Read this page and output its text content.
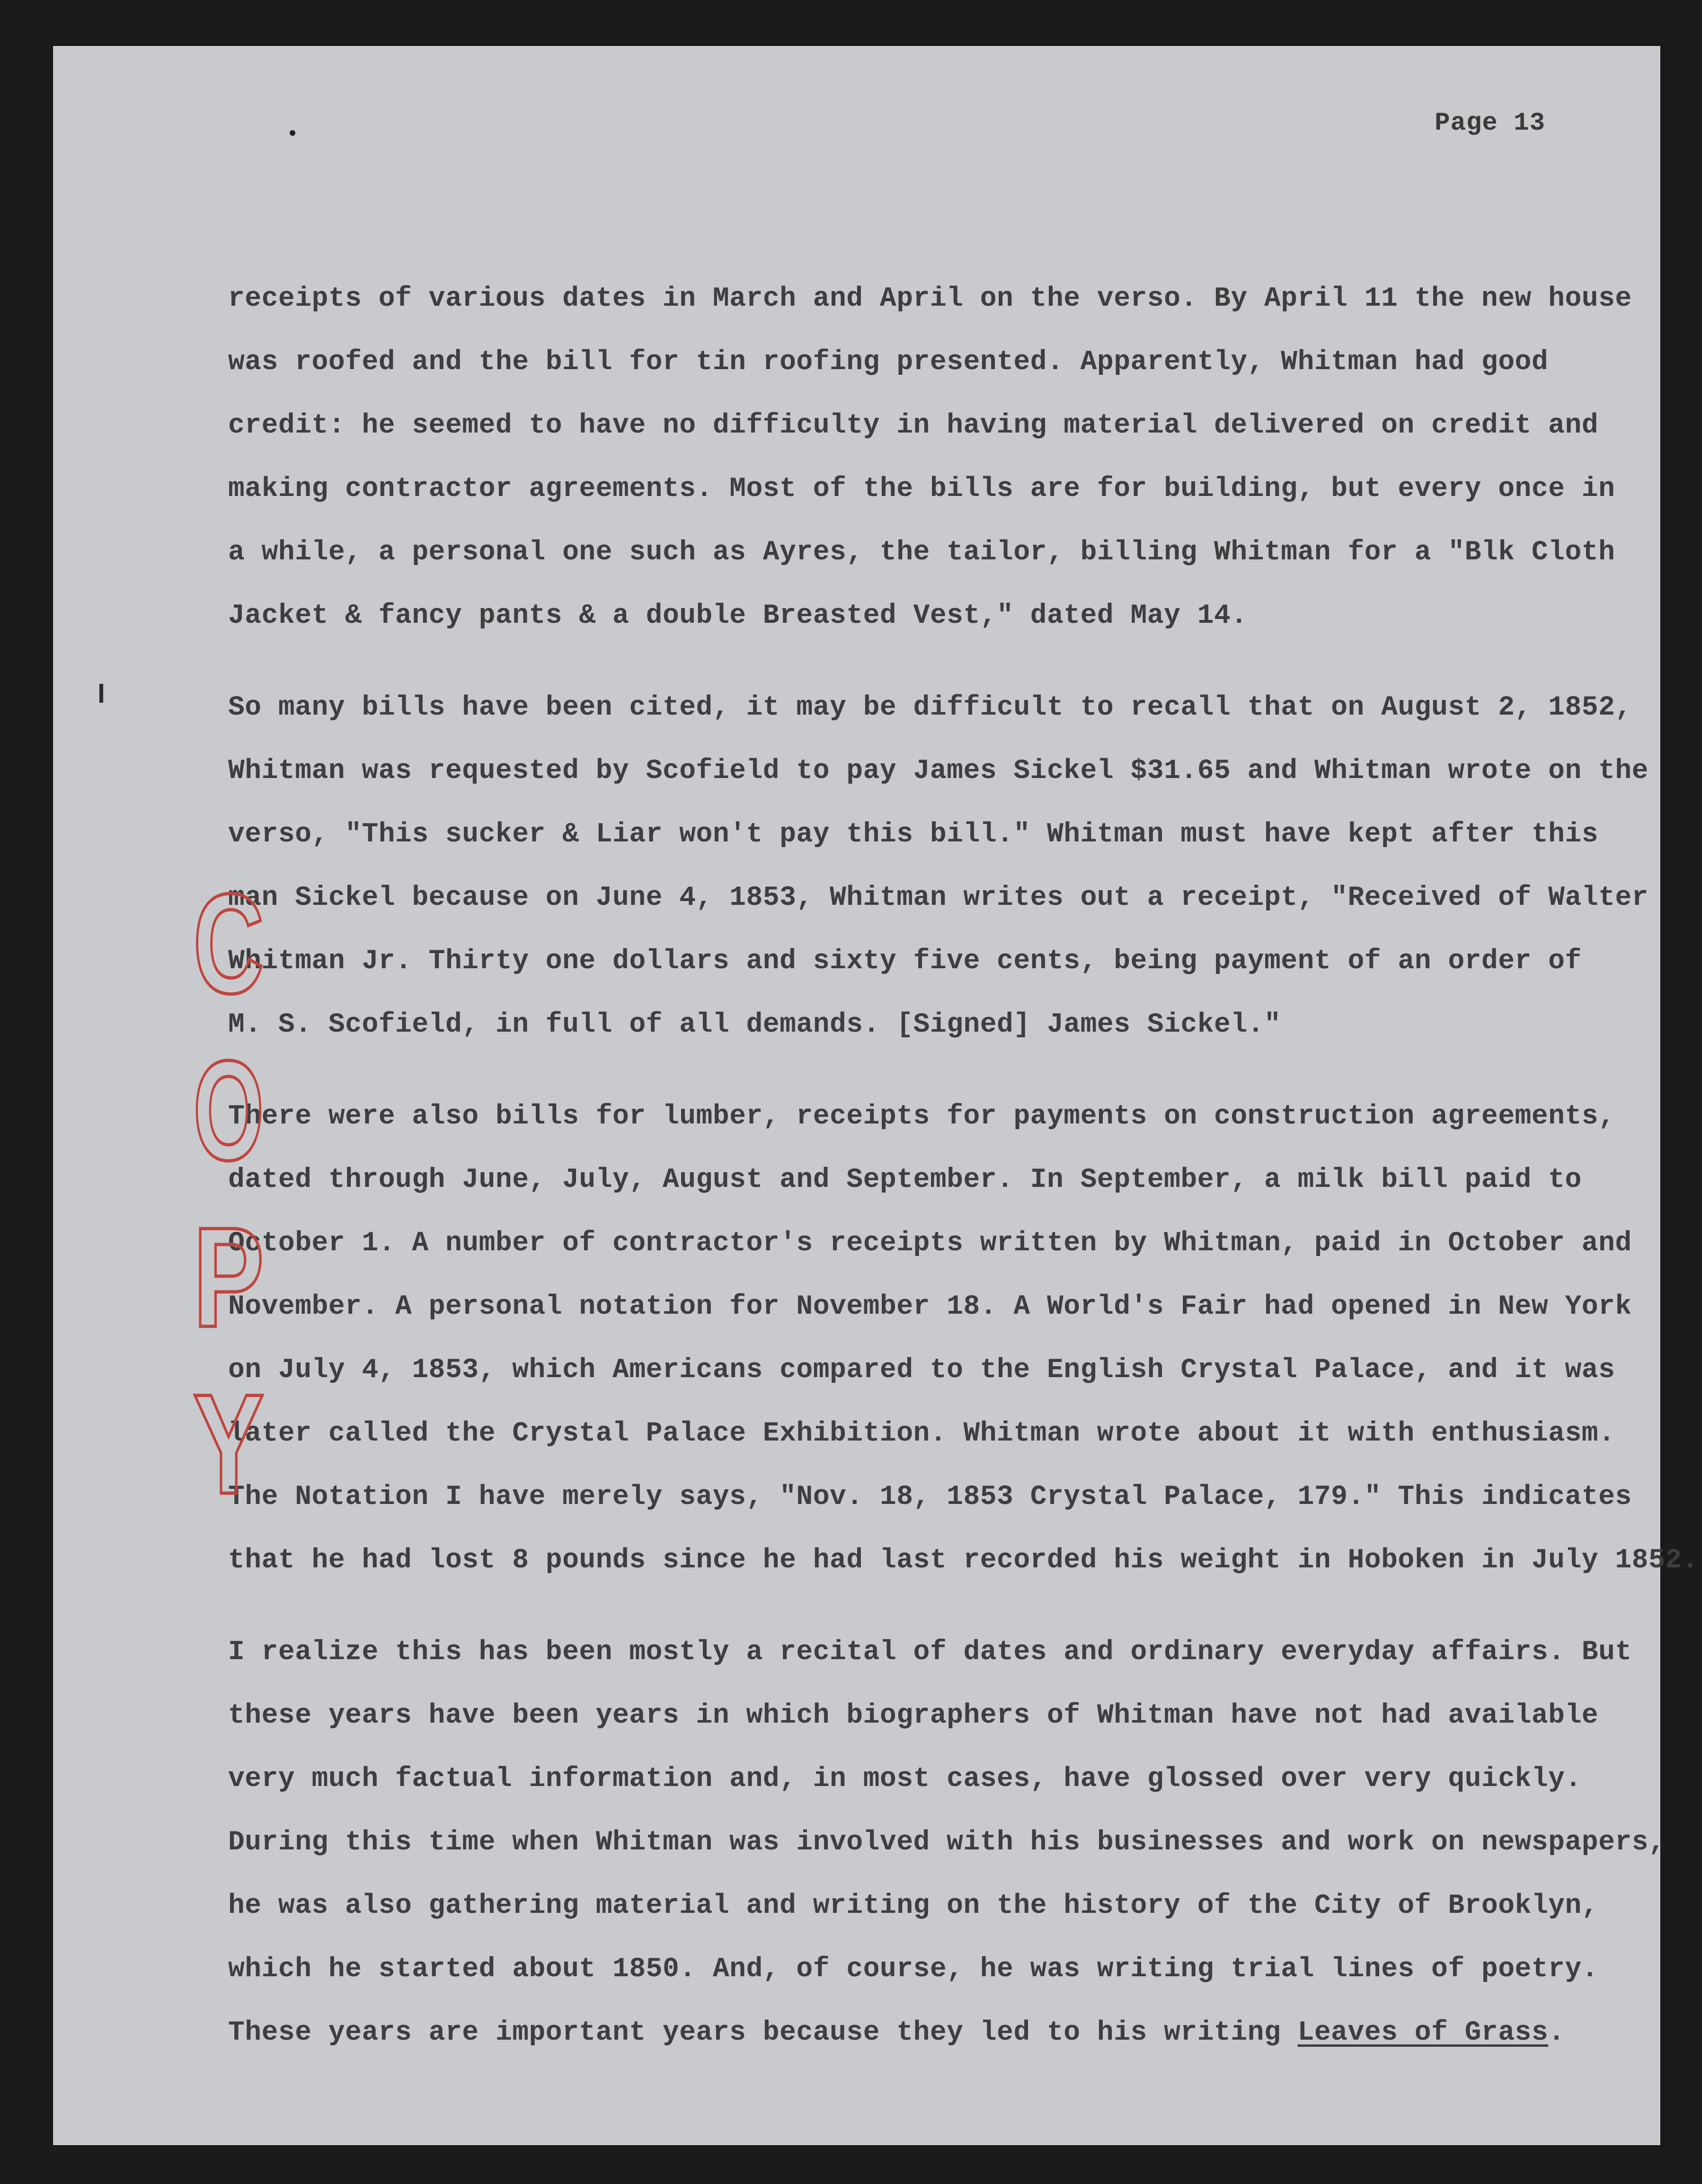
Page 13
receipts of various dates in March and April on the verso. By April 11 the new house
was roofed and the bill for tin roofing presented. Apparently, Whitman had good
credit: he seemed to have no difficulty in having material delivered on credit and
making contractor agreements. Most of the bills are for building, but every once in
a while, a personal one such as Ayres, the tailor, billing Whitman for a "Blk Cloth
Jacket & fancy pants & a double Breasted Vest," dated May 14.
So many bills have been cited, it may be difficult to recall that on August 2, 1852,
Whitman was requested by Scofield to pay James Sickel $31.65 and Whitman wrote on the
verso, "This sucker & Liar won't pay this bill." Whitman must have kept after this
man Sickel because on June 4, 1853, Whitman writes out a receipt, "Received of Walter
Whitman Jr. Thirty one dollars and sixty five cents, being payment of an order of
M. S. Scofield, in full of all demands. [Signed] James Sickel."
There were also bills for lumber, receipts for payments on construction agreements,
dated through June, July, August and September. In September, a milk bill paid to
October 1. A number of contractor's receipts written by Whitman, paid in October and
November. A personal notation for November 18. A World's Fair had opened in New York
on July 4, 1853, which Americans compared to the English Crystal Palace, and it was
later called the Crystal Palace Exhibition. Whitman wrote about it with enthusiasm.
The Notation I have merely says, "Nov. 18, 1853 Crystal Palace, 179." This indicates
that he had lost 8 pounds since he had last recorded his weight in Hoboken in July 1852.
I realize this has been mostly a recital of dates and ordinary everyday affairs. But
these years have been years in which biographers of Whitman have not had available
very much factual information and, in most cases, have glossed over very quickly.
During this time when Whitman was involved with his businesses and work on newspapers,
he was also gathering material and writing on the history of the City of Brooklyn,
which he started about 1850. And, of course, he was writing trial lines of poetry.
These years are important years because they led to his writing Leaves of Grass.
C
O
P
Y
